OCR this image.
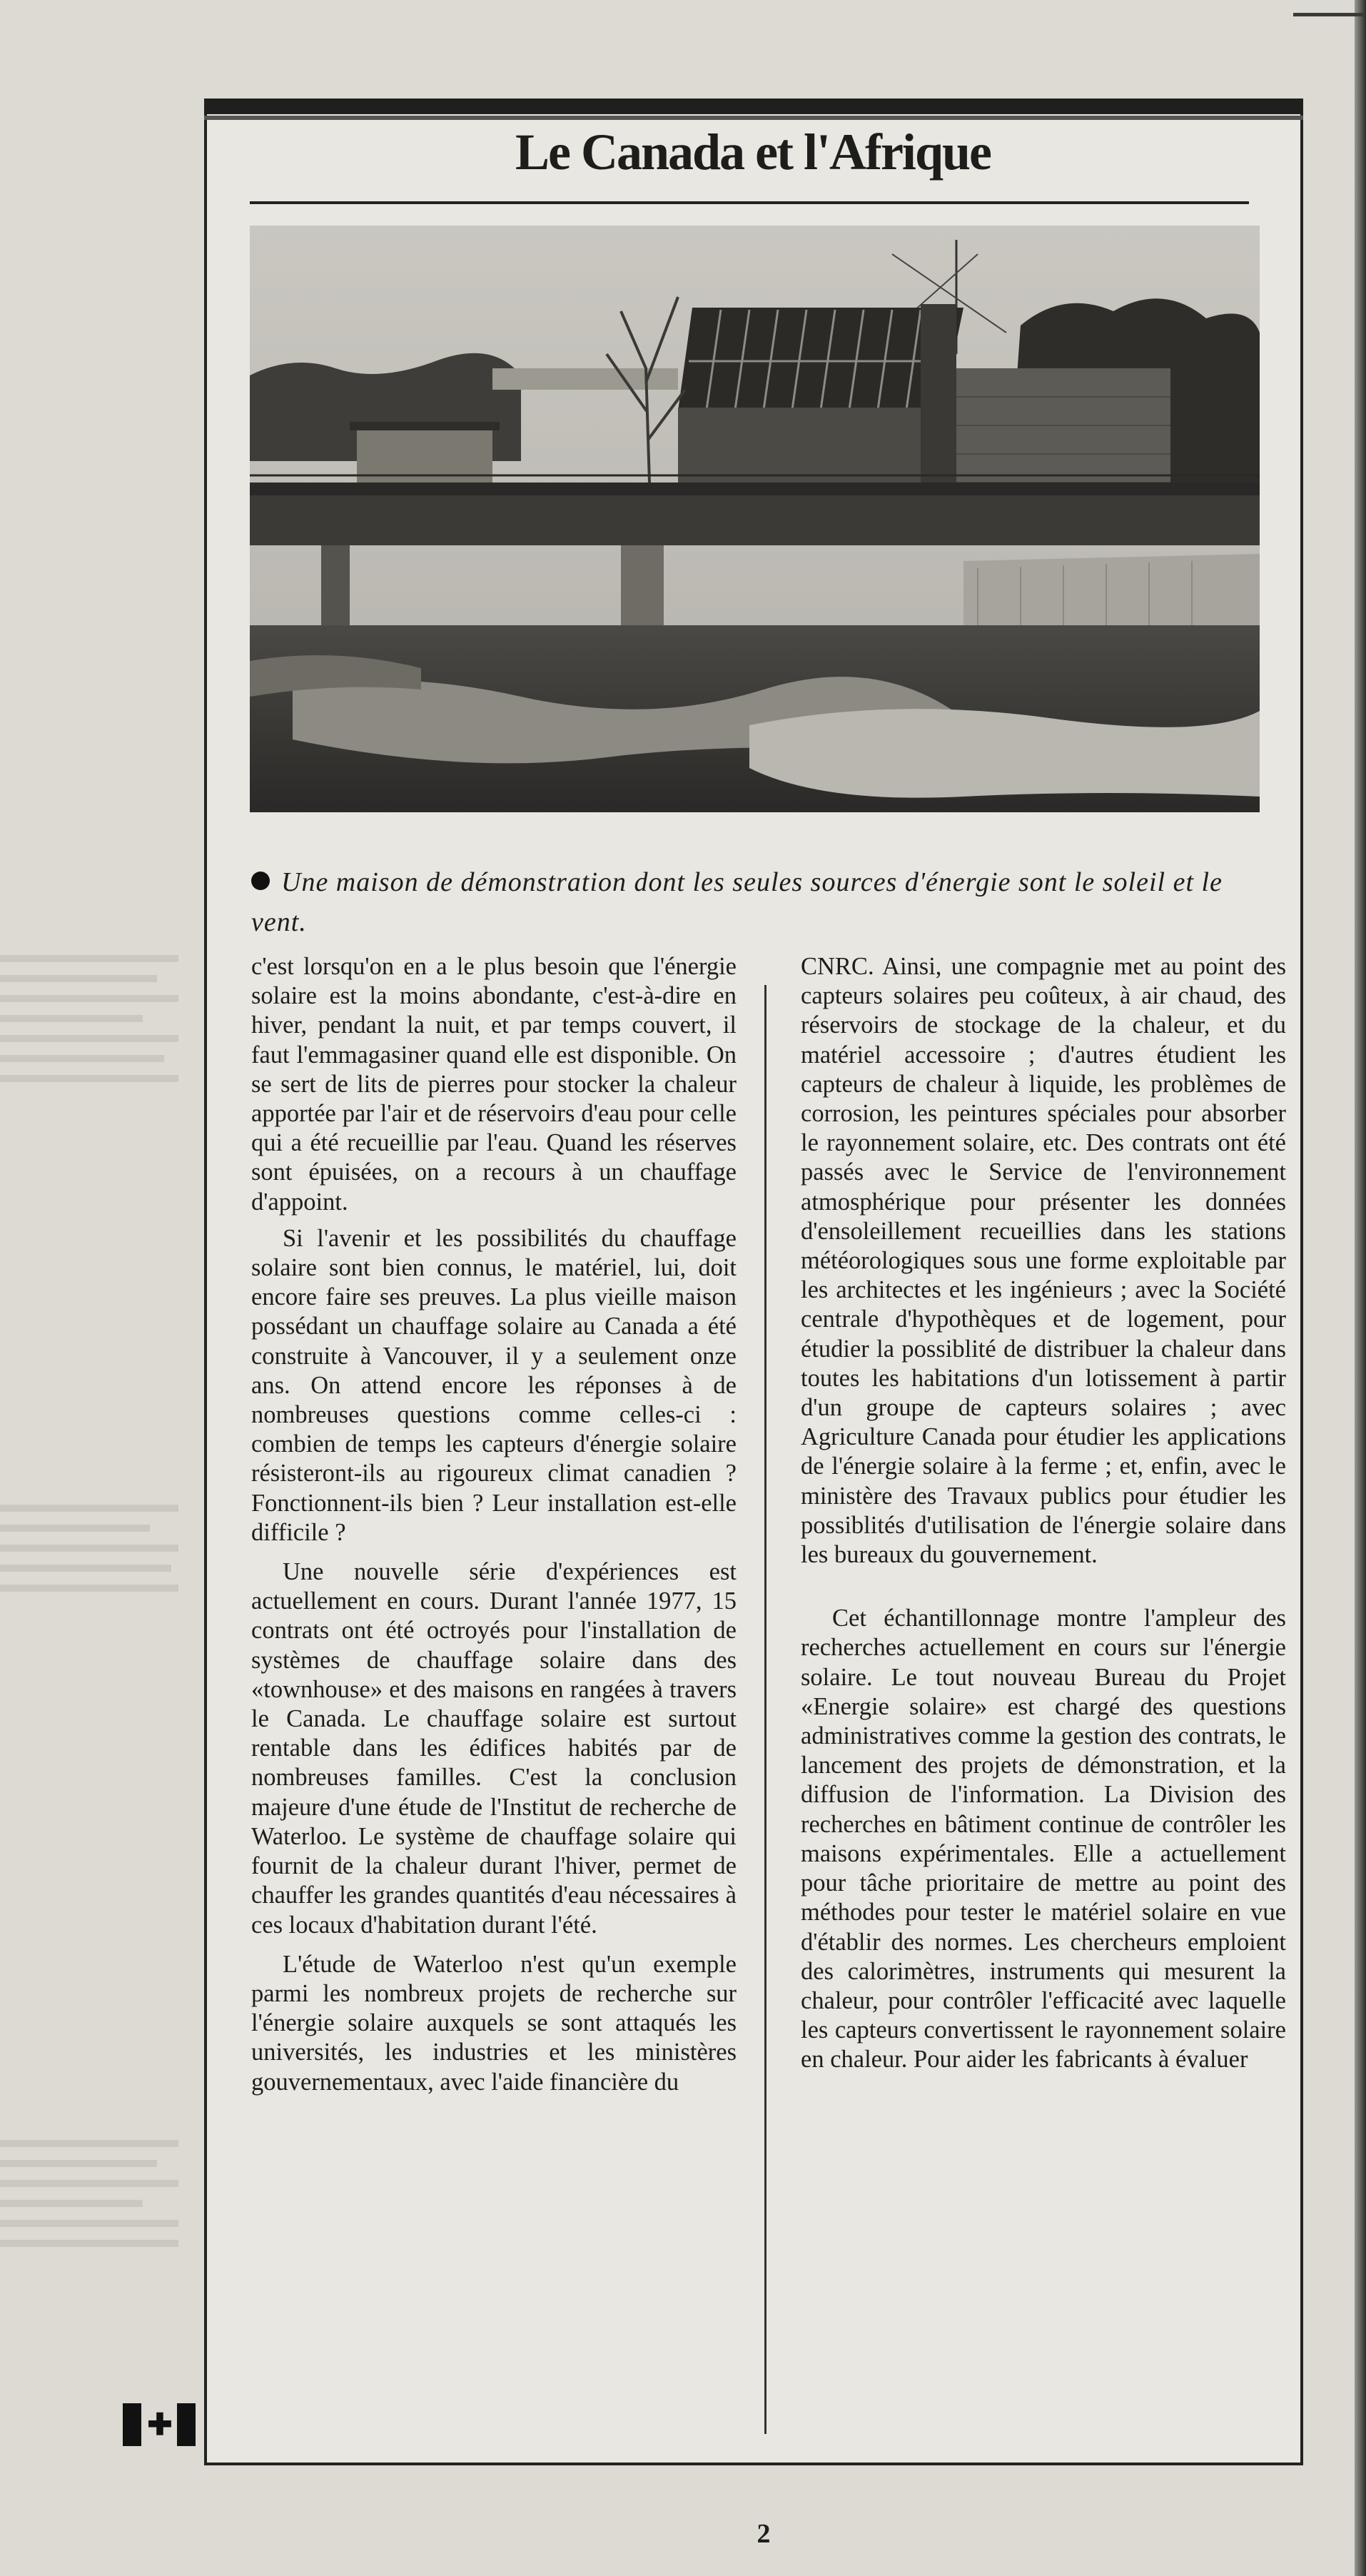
Le Canada et l'Afrique
Une maison de démonstration dont les seules sources d'énergie sont le soleil et le vent.

c'est lorsqu'on en a le plus besoin que l'énergie solaire est la moins abondante, c'est-à-dire en hiver, pendant la nuit, et par temps couvert, il faut l'emmagasiner quand elle est disponible. On se sert de lits de pierres pour stocker la chaleur apportée par l'air et de réservoirs d'eau pour celle qui a été recueillie par l'eau. Quand les réserves sont épuisées, on a recours à un chauffage d'appoint.

Si l'avenir et les possibilités du chauffage solaire sont bien connus, le matériel, lui, doit encore faire ses preuves. La plus vieille maison possédant un chauffage solaire au Canada a été construite à Vancouver, il y a seulement onze ans. On attend encore les réponses à de nombreuses questions comme celles-ci : combien de temps les capteurs d'énergie solaire résisteront-ils au rigoureux climat canadien ? Fonctionnent-ils bien ? Leur installation est-elle difficile ?

Une nouvelle série d'expériences est actuellement en cours. Durant l'année 1977, 15 contrats ont été octroyés pour l'installation de systèmes de chauffage solaire dans des «townhouse» et des maisons en rangées à travers le Canada. Le chauffage solaire est surtout rentable dans les édifices habités par de nombreuses familles. C'est la conclusion majeure d'une étude de l'Institut de recherche de Waterloo. Le système de chauffage solaire qui fournit de la chaleur durant l'hiver, permet de chauffer les grandes quantités d'eau nécessaires à ces locaux d'habitation durant l'été.

L'étude de Waterloo n'est qu'un exemple parmi les nombreux projets de recherche sur l'énergie solaire auxquels se sont attaqués les universités, les industries et les ministères gouvernementaux, avec l'aide financière du

CNRC. Ainsi, une compagnie met au point des capteurs solaires peu coûteux, à air chaud, des réservoirs de stockage de la chaleur, et du matériel accessoire ; d'autres étudient les capteurs de chaleur à liquide, les problèmes de corrosion, les peintures spéciales pour absorber le rayonnement solaire, etc. Des contrats ont été passés avec le Service de l'environnement atmosphérique pour présenter les données d'ensoleillement recueillies dans les stations météorologiques sous une forme exploitable par les architectes et les ingénieurs ; avec la Société centrale d'hypothèques et de logement, pour étudier la possiblité de distribuer la chaleur dans toutes les habitations d'un lotissement à partir d'un groupe de capteurs solaires ; avec Agriculture Canada pour étudier les applications de l'énergie solaire à la ferme ; et, enfin, avec le ministère des Travaux publics pour étudier les possiblités d'utilisation de l'énergie solaire dans les bureaux du gouvernement.

Cet échantillonnage montre l'ampleur des recherches actuellement en cours sur l'énergie solaire. Le tout nouveau Bureau du Projet «Energie solaire» est chargé des questions administratives comme la gestion des contrats, le lancement des projets de démonstration, et la diffusion de l'information. La Division des recherches en bâtiment continue de contrôler les maisons expérimentales. Elle a actuellement pour tâche prioritaire de mettre au point des méthodes pour tester le matériel solaire en vue d'établir des normes. Les chercheurs emploient des calorimètres, instruments qui mesurent la chaleur, pour contrôler l'efficacité avec laquelle les capteurs convertissent le rayonnement solaire en chaleur. Pour aider les fabricants à évaluer

✚
2
